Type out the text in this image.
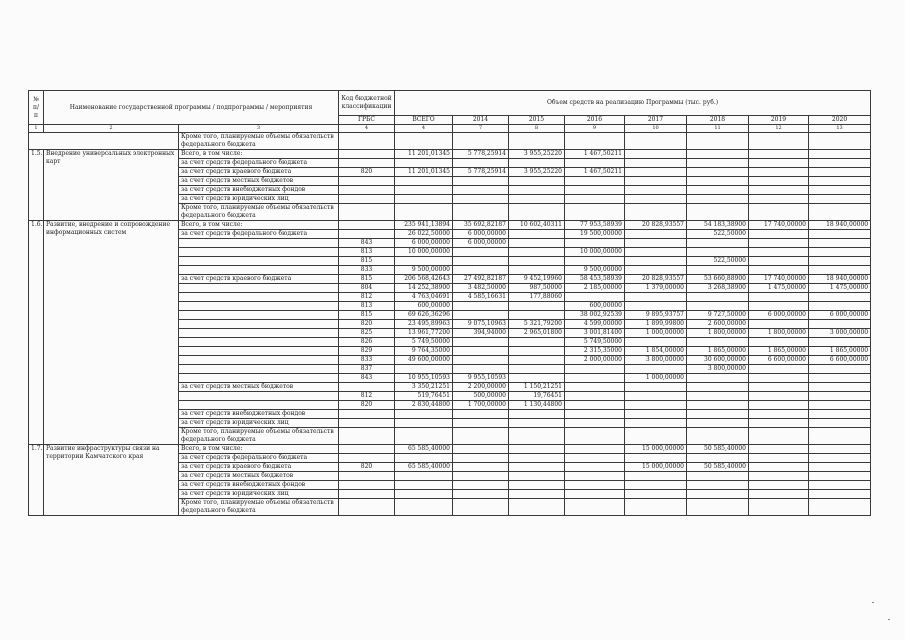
№ п/п	Наименование государственной программы / подпрограммы / мероприятия		Код бюджетной классификации	Объем средств на реализацию Программы (тыс. руб.)							
			ГРБС	ВСЕГО	2014	2015	2016	2017	2018	2019	2020
1	2	3	4	4	7	8	9	10	11	12	13
		Кроме того, планируемые объемы обязательств федерального бюджета									
1.5.	Внедрение универсальных электронных карт	Всего, в том числе:		11 201,01345	5 778,25914	3 955,25220	1 467,50211				
		за счет средств федерального бюджета									
		за счет средств краевого бюджета	820	11 201,01345	5 778,25914	3 955,25220	1 467,50211				
		за счет средств местных бюджетов									
		за счет средств внебюджетных фондов									
		за счет средств юридических лиц									
		Кроме того, планируемые объемы обязательств федерального бюджета									
1.6.	Развитие, внедрение и сопровождение информационных систем	Всего, в том числе:		235 941,13894	35 692,82187	10 602,40311	77 953,58939	20 828,93557	54 183,38900	17 740,00000	18 940,00000
		за счет средств федерального бюджета		26 022,50000	6 000,00000		19 500,00000		522,50000		
			843	6 000,00000	6 000,00000						
			813	10 000,00000			10 000,00000				
			815						522,50000		
			833	9 500,00000			9 500,00000				
		за счет средств краевого бюджета	815	206 568,42643	27 492,82187	9 452,19960	58 453,58939	20 828,93557	53 660,88900	17 740,00000	18 940,00000
			804	14 252,38900	3 482,50000	987,50000	2 185,00000	1 379,00000	3 268,38900	1 475,00000	1 475,00000
			812	4 763,04691	4 585,16631	177,88060					
			813	600,00000			600,00000				
			815	69 626,36296			38 002,92539	9 895,93757	9 727,50000	6 000,00000	6 000,00000
			820	23 495,89963	9 075,10963	5 321,79200	4 599,00000	1 899,99800	2 600,00000		
			825	13 961,77200	394,94000	2 965,01800	3 001,81400	1 000,00000	1 800,00000	1 800,00000	3 000,00000
			826	5 749,50000			5 749,50000				
			829	9 764,35000			2 315,35000	1 854,00000	1 865,00000	1 865,00000	1 865,00000
			833	49 600,00000			2 000,00000	3 800,00000	30 600,00000	6 600,00000	6 600,00000
			837						3 800,00000		
			843	10 955,10593	9 955,10593			1 000,00000			
		за счет средств местных бюджетов		3 350,21251	2 200,00000	1 150,21251					
			812	519,76451	500,00000	19,76451					
			820	2 830,44800	1 700,00000	1 130,44800					
		за счет средств внебюджетных фондов									
		за счет средств юридических лиц									
		Кроме того, планируемые объемы обязательств федерального бюджета									
1.7.	Развитие инфраструктуры связи на территории Камчатского края	Всего, в том числе:		65 585,40000				15 000,00000	50 585,40000		
		за счет средств федерального бюджета									
		за счет средств краевого бюджета	820	65 585,40000				15 000,00000	50 585,40000		
		за счет средств местных бюджетов									
		за счет средств внебюджетных фондов									
		за счет средств юридических лиц									
		Кроме того, планируемые объемы обязательств федерального бюджета									
